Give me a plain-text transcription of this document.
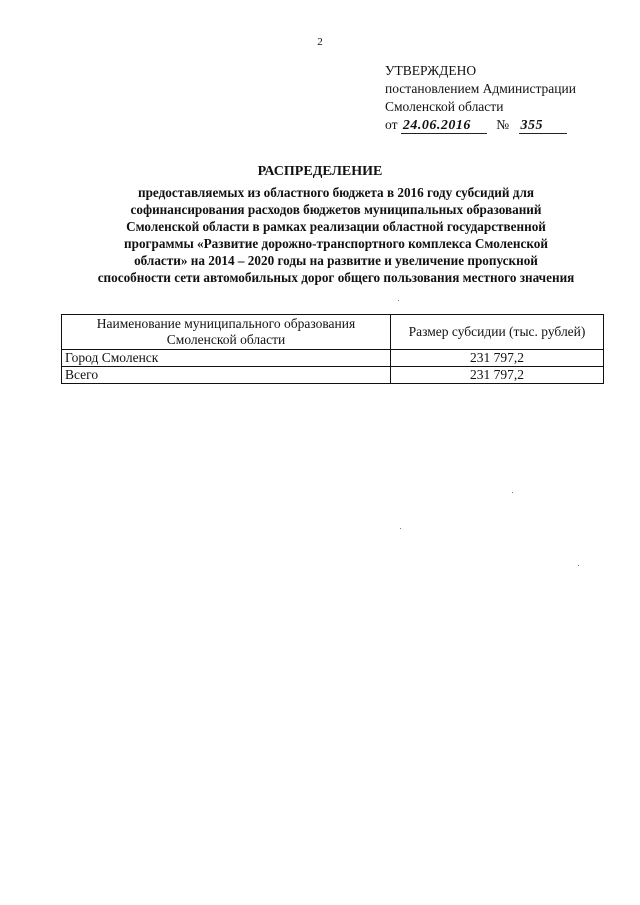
2
УТВЕРЖДЕНО
постановлением Администрации
Смоленской области
от 24.06.2016 № 355
РАСПРЕДЕЛЕНИЕ
предоставляемых из областного бюджета в 2016 году субсидий для
софинансирования расходов бюджетов муниципальных образований
Смоленской области в рамках реализации областной государственной
программы «Развитие дорожно-транспортного комплекса Смоленской
области» на 2014 – 2020 годы на развитие и увеличение пропускной
способности сети автомобильных дорог общего пользования местного значения
Наименование муниципального образования Смоленской области	Размер субсидии (тыс. рублей)
Город Смоленск	231 797,2
Всего	231 797,2
